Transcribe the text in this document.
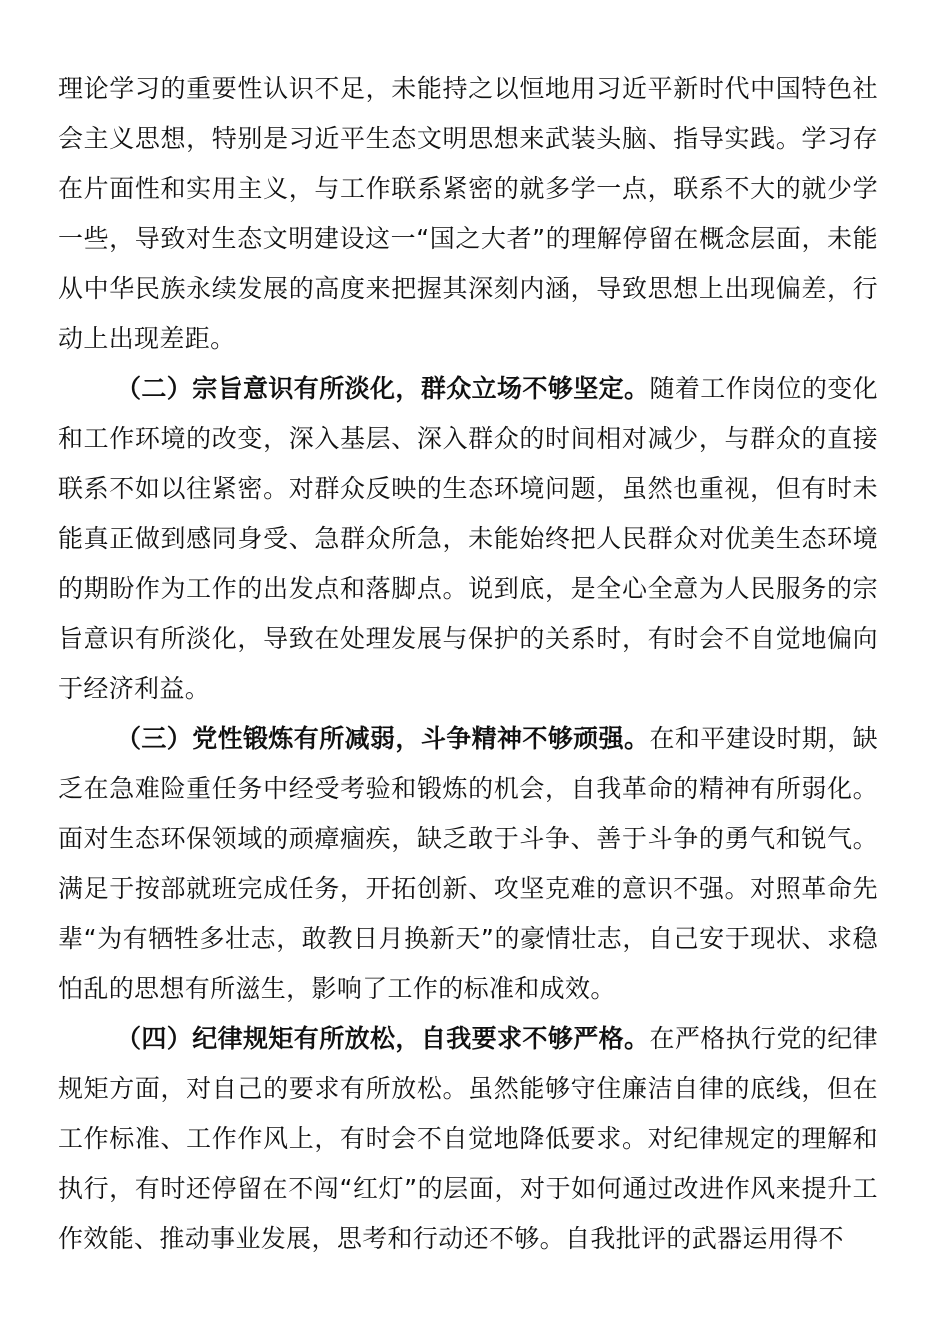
理论学习的重要性认识不足，未能持之以恒地用习近平新时代中国特色社会主义思想，特别是习近平生态文明思想来武装头脑、指导实践。学习存在片面性和实用主义，与工作联系紧密的就多学一点，联系不大的就少学一些，导致对生态文明建设这一“国之大者”的理解停留在概念层面，未能从中华民族永续发展的高度来把握其深刻内涵，导致思想上出现偏差，行动上出现差距。

（二）宗旨意识有所淡化，群众立场不够坚定。随着工作岗位的变化和工作环境的改变，深入基层、深入群众的时间相对减少，与群众的直接联系不如以往紧密。对群众反映的生态环境问题，虽然也重视，但有时未能真正做到感同身受、急群众所急，未能始终把人民群众对优美生态环境的期盼作为工作的出发点和落脚点。说到底，是全心全意为人民服务的宗旨意识有所淡化，导致在处理发展与保护的关系时，有时会不自觉地偏向于经济利益。

（三）党性锻炼有所减弱，斗争精神不够顽强。在和平建设时期，缺乏在急难险重任务中经受考验和锻炼的机会，自我革命的精神有所弱化。面对生态环保领域的顽瘴痼疾，缺乏敢于斗争、善于斗争的勇气和锐气。满足于按部就班完成任务，开拓创新、攻坚克难的意识不强。对照革命先辈“为有牺牲多壮志，敢教日月换新天”的豪情壮志，自己安于现状、求稳怕乱的思想有所滋生，影响了工作的标准和成效。

（四）纪律规矩有所放松，自我要求不够严格。在严格执行党的纪律规矩方面，对自己的要求有所放松。虽然能够守住廉洁自律的底线，但在工作标准、工作作风上，有时会不自觉地降低要求。对纪律规定的理解和执行，有时还停留在不闯“红灯”的层面，对于如何通过改进作风来提升工作效能、推动事业发展，思考和行动还不够。自我批评的武器运用得不
